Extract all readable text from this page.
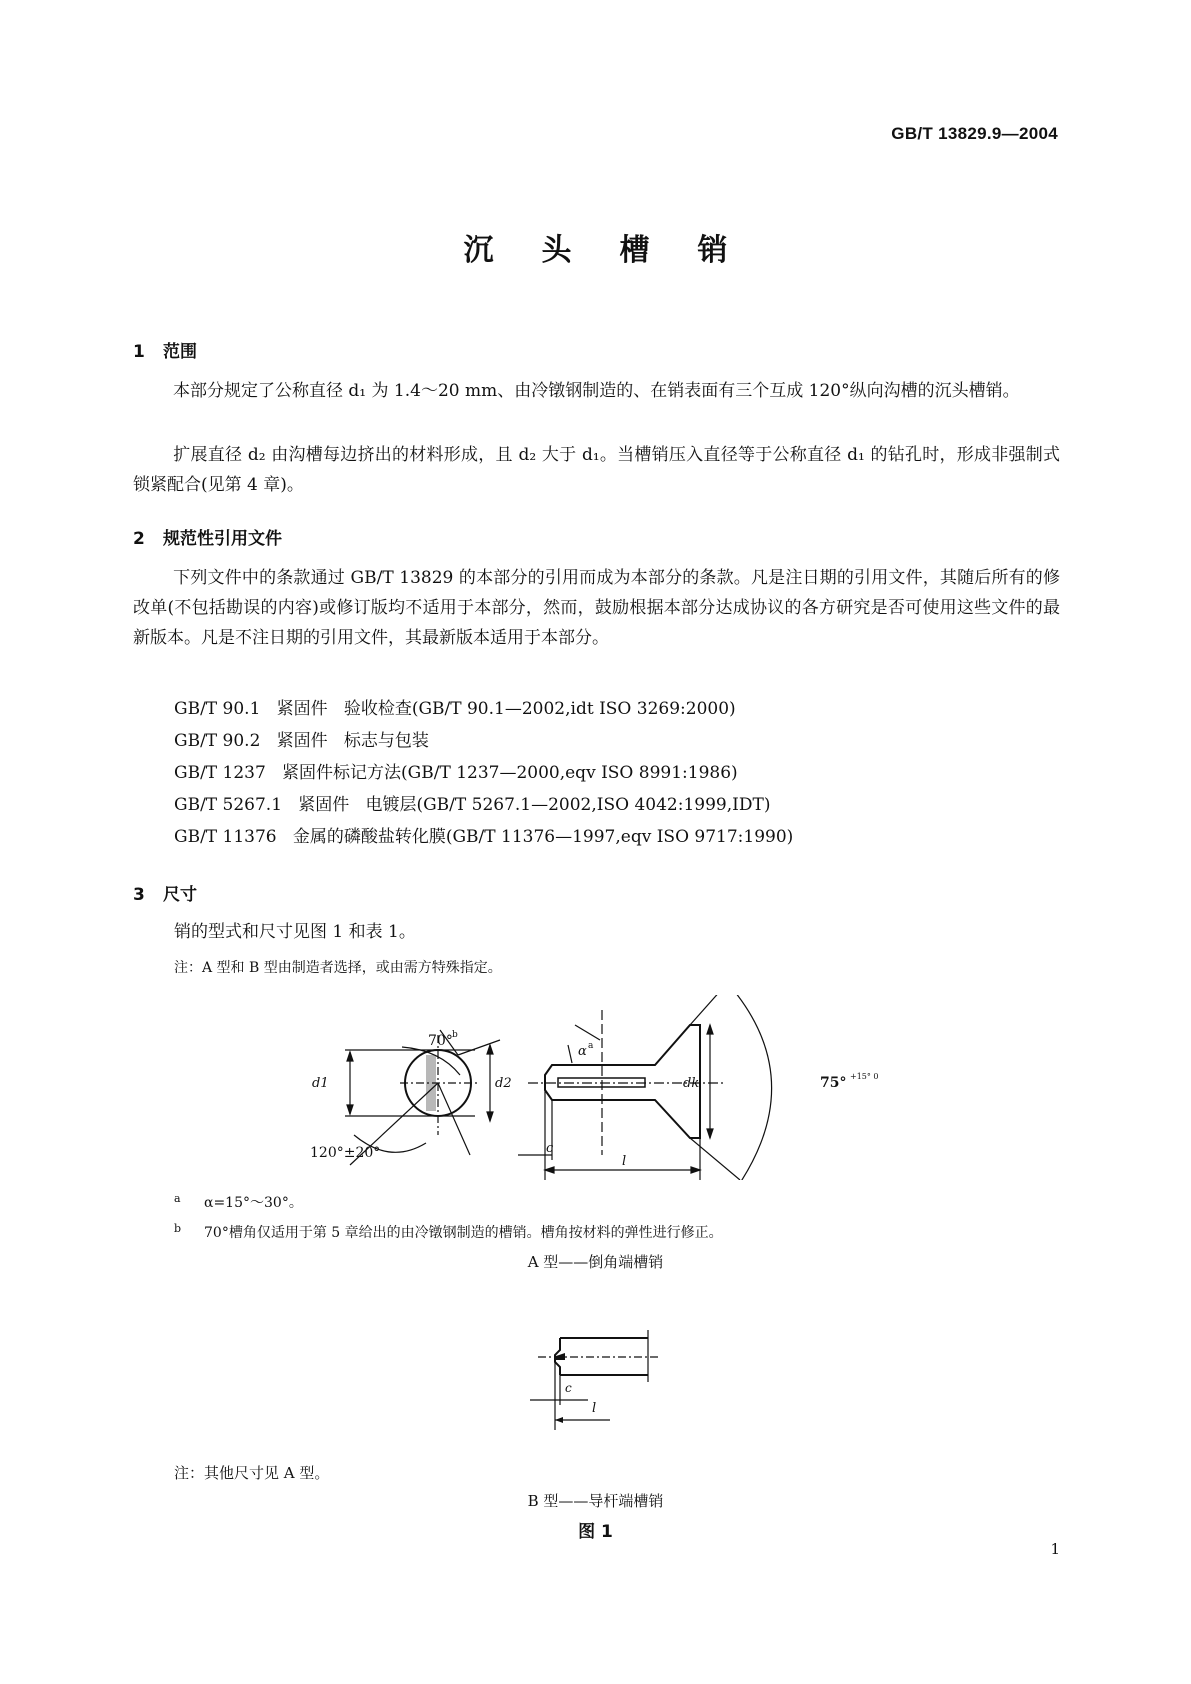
GB/T 13829.9—2004
沉头槽销
1 范围
本部分规定了公称直径 d₁ 为 1.4～20 mm、由冷镦钢制造的、在销表面有三个互成 120°纵向沟槽的沉头槽销。
扩展直径 d₂ 由沟槽每边挤出的材料形成，且 d₂ 大于 d₁。当槽销压入直径等于公称直径 d₁ 的钻孔时，形成非强制式锁紧配合(见第 4 章)。
2 规范性引用文件
下列文件中的条款通过 GB/T 13829 的本部分的引用而成为本部分的条款。凡是注日期的引用文件，其随后所有的修改单(不包括勘误的内容)或修订版均不适用于本部分，然而，鼓励根据本部分达成协议的各方研究是否可使用这些文件的最新版本。凡是不注日期的引用文件，其最新版本适用于本部分。
GB/T 90.1   紧固件   验收检查(GB/T 90.1—2002,idt ISO 3269:2000)
GB/T 90.2   紧固件   标志与包装
GB/T 1237   紧固件标记方法(GB/T 1237—2000,eqv ISO 8991:1986)
GB/T 5267.1   紧固件   电镀层(GB/T 5267.1—2002,ISO 4042:1999,IDT)
GB/T 11376   金属的磷酸盐转化膜(GB/T 11376—1997,eqv ISO 9717:1990)
3 尺寸
销的型式和尺寸见图 1 和表 1。
注：A 型和 B 型由制造者选择，或由需方特殊指定。
70° b
d1	d2
120°±20°
α a
c
l
dk	75° +15° 0
a α=15°～30°。
b 70°槽角仅适用于第 5 章给出的由冷镦钢制造的槽销。槽角按材料的弹性进行修正。
A 型——倒角端槽销
c
l
注：其他尺寸见 A 型。
B 型——导杆端槽销
图 1
1
